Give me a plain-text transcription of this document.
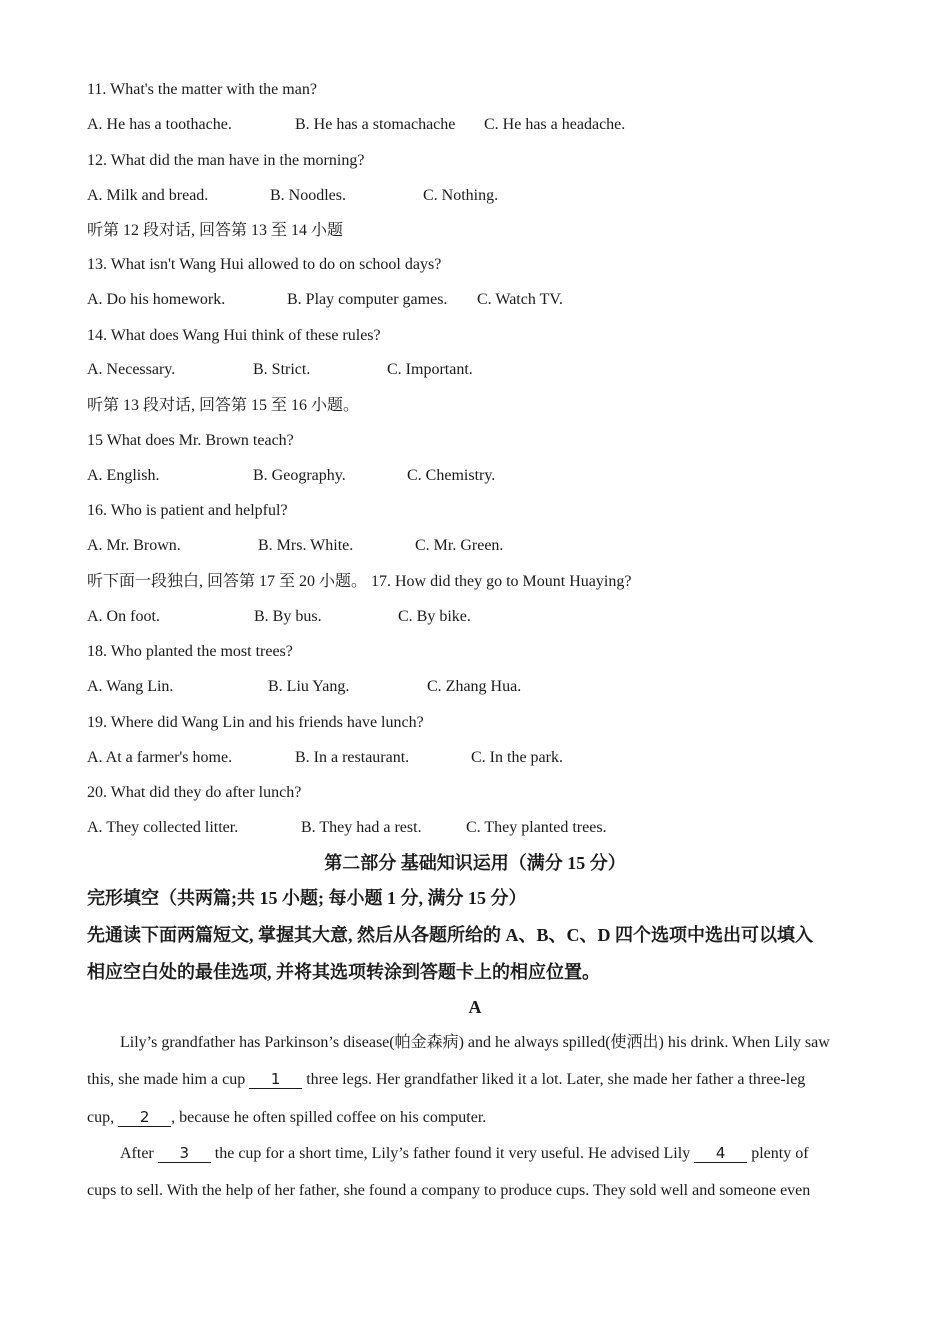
11. What's the matter with the man?
A. He has a toothache.	B. He has a stomachache C. He has a headache.
12. What did the man have in the morning?
A. Milk and bread.	B. Noodles.	C. Nothing.
听第 12 段对话, 回答第 13 至 14 小题
13. What isn't Wang Hui allowed to do on school days?
A. Do his homework.	B. Play computer games. C. Watch TV.
14. What does Wang Hui think of these rules?
A. Necessary.	B. Strict.	C. Important.
听第 13 段对话, 回答第 15 至 16 小题。
15 What does Mr. Brown teach?
A. English.	B. Geography.	C. Chemistry.
16. Who is patient and helpful?
A. Mr. Brown.	B. Mrs. White.	C. Mr. Green.
听下面一段独白, 回答第 17 至 20 小题。 17. How did they go to Mount Huaying?
A. On foot.	B. By bus.	C. By bike.
18. Who planted the most trees?
A. Wang Lin.	B. Liu Yang.	C. Zhang Hua.
19. Where did Wang Lin and his friends have lunch?
A. At a farmer's home.	B. In a restaurant.	C. In the park.
20. What did they do after lunch?
A. They collected litter.	B. They had a rest.	C. They planted trees.
第二部分 基础知识运用（满分 15 分）
完形填空（共两篇;共 15 小题; 每小题 1 分, 满分 15 分）
先通读下面两篇短文, 掌握其大意, 然后从各题所给的 A、B、C、D 四个选项中选出可以填入
相应空白处的最佳选项, 并将其选项转涂到答题卡上的相应位置。
A
Lily’s grandfather has Parkinson’s disease(帕金森病) and he always spilled(使洒出) his drink. When Lily saw
this, she made him a cup 1 three legs. Her grandfather liked it a lot. Later, she made her father a three-leg
cup, 2 , because he often spilled coffee on his computer.
After 3 the cup for a short time, Lily’s father found it very useful. He advised Lily 4 plenty of
cups to sell. With the help of her father, she found a company to produce cups. They sold well and someone even
